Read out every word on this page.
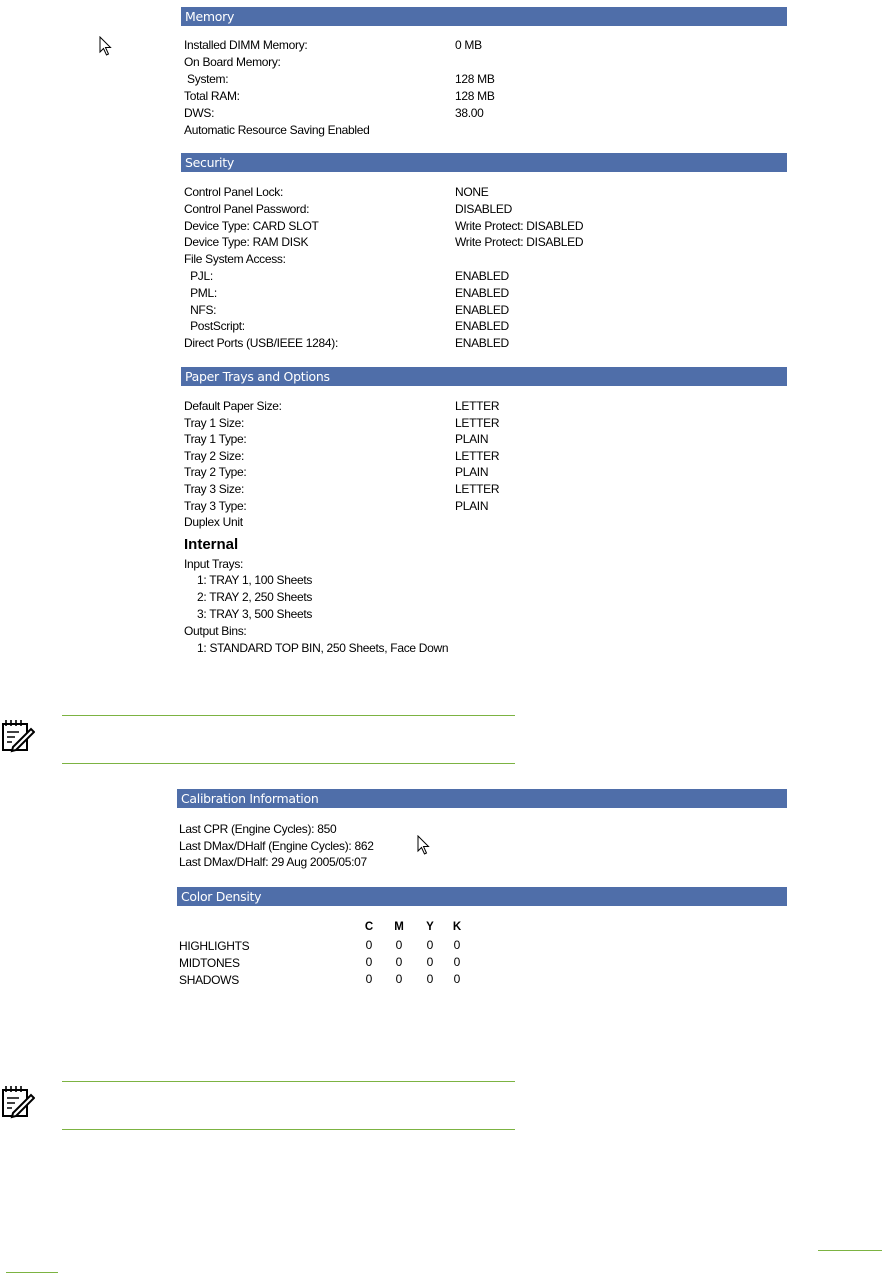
Memory
Installed DIMM Memory:	0 MB
On Board Memory:
System:	128 MB
Total RAM:	128 MB
DWS:	38.00
Automatic Resource Saving Enabled
Security
Control Panel Lock:	NONE
Control Panel Password:	DISABLED
Device Type: CARD SLOT	Write Protect: DISABLED
Device Type: RAM DISK	Write Protect: DISABLED
File System Access:
PJL:	ENABLED
PML:	ENABLED
NFS:	ENABLED
PostScript:	ENABLED
Direct Ports (USB/IEEE 1284):	ENABLED
Paper Trays and Options
Default Paper Size:	LETTER
Tray 1 Size:	LETTER
Tray 1 Type:	PLAIN
Tray 2 Size:	LETTER
Tray 2 Type:	PLAIN
Tray 3 Size:	LETTER
Tray 3 Type:	PLAIN
Duplex Unit
Internal
Input Trays:
1: TRAY 1, 100 Sheets
2: TRAY 2, 250 Sheets
3: TRAY 3, 500 Sheets
Output Bins:
1: STANDARD TOP BIN, 250 Sheets, Face Down
Calibration Information
Last CPR (Engine Cycles): 850
Last DMax/DHalf (Engine Cycles): 862
Last DMax/DHalf: 29 Aug 2005/05:07
Color Density
C M Y K
HIGHLIGHTS	0	0	0	0
MIDTONES	0	0	0	0
SHADOWS	0	0	0	0
